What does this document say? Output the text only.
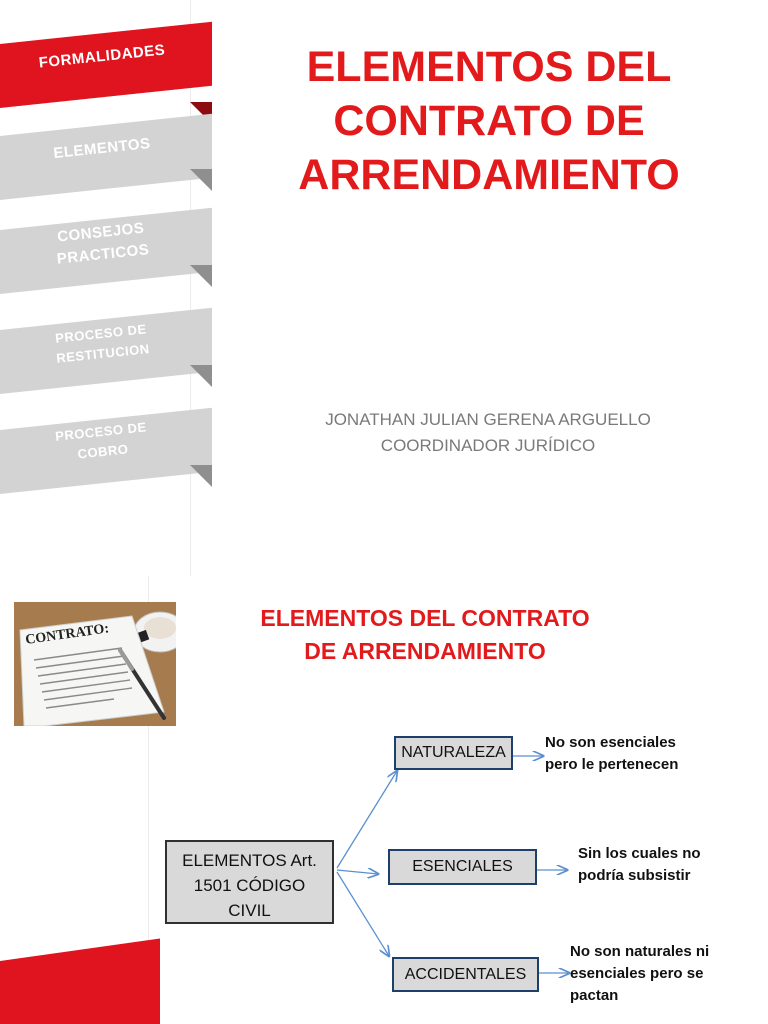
FORMALIDADES
ELEMENTOS
CONSEJOS
PRACTICOS
PROCESO DE
RESTITUCION
PROCESO DE
COBRO
ELEMENTOS DEL
CONTRATO DE
ARRENDAMIENTO
JONATHAN JULIAN GERENA ARGUELLO
COORDINADOR JURÍDICO
CONTRATO:
ELEMENTOS DEL CONTRATO
DE ARRENDAMIENTO
ELEMENTOS Art.
1501 CÓDIGO
CIVIL
NATURALEZA
ESENCIALES
ACCIDENTALES
No son esenciales
pero le pertenecen
Sin los cuales no
podría subsistir
No son naturales ni
esenciales pero se
pactan
